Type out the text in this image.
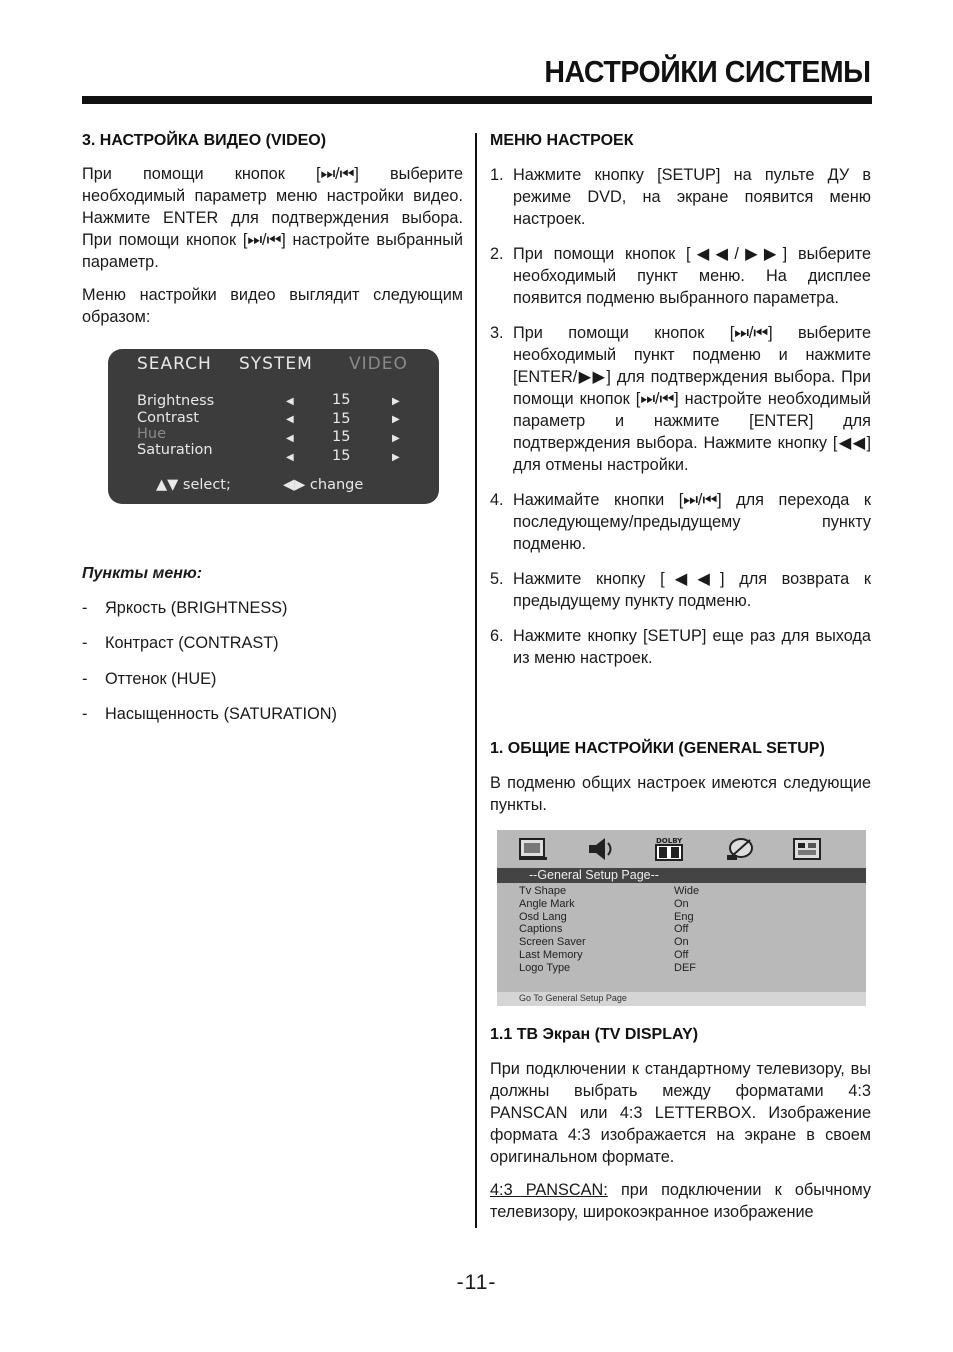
НАСТРОЙКИ СИСТЕМЫ
3. НАСТРОЙКА ВИДЕО (VIDEO)
При помощи кнопок [⏭/⏮] выберите необходимый параметр меню настройки видео. Нажмите ENTER для подтверждения выбора. При помощи кнопок [⏭/⏮] настройте выбранный параметр.
Меню настройки видео выглядит следующим образом:
SEARCH SYSTEM VIDEO
Brightness	◀	15	▶
Contrast	◀	15	▶
Hue	◀	15	▶
Saturation	◀	15	▶
▲▼ select;	◀▶ change
Пункты меню:
- Яркость (BRIGHTNESS)
- Контраст (CONTRAST)
- Оттенок (HUE)
- Насыщенность (SATURATION)
МЕНЮ НАСТРОЕК
1. Нажмите кнопку [SETUP] на пульте ДУ в режиме DVD, на экране появится меню настроек.
2. При помощи кнопок [◀◀/▶▶] выберите необходимый пункт меню. На дисплее появится подменю выбранного параметра.
3. При помощи кнопок [⏭/⏮] выберите необходимый пункт подменю и нажмите [ENTER/▶▶] для подтверждения выбора. При помощи кнопок [⏭/⏮] настройте необходимый параметр и нажмите [ENTER] для подтверждения выбора. Нажмите кнопку [◀◀] для отмены настройки.
4. Нажимайте кнопки [⏭/⏮] для перехода к последующему/предыдущему пункту подменю.
5. Нажмите кнопку [◀◀] для возврата к предыдущему пункту подменю.
6. Нажмите кнопку [SETUP] еще раз для выхода из меню настроек.
1. ОБЩИЕ НАСТРОЙКИ (GENERAL SETUP)
В подменю общих настроек имеются следующие пункты.
DOLBY
--General Setup Page--
Tv Shape	Wide
Angle Mark	On
Osd Lang	Eng
Captions	Off
Screen Saver	On
Last Memory	Off
Logo Type	DEF
Go To General Setup Page
1.1 ТВ Экран (TV DISPLAY)
При подключении к стандартному телевизору, вы должны выбрать между форматами 4:3 PANSCAN или 4:3 LETTERBOX. Изображение формата 4:3 изображается на экране в своем оригинальном формате.
4:3 PANSCAN: при подключении к обычному телевизору, широкоэкранное изображение
-11-
